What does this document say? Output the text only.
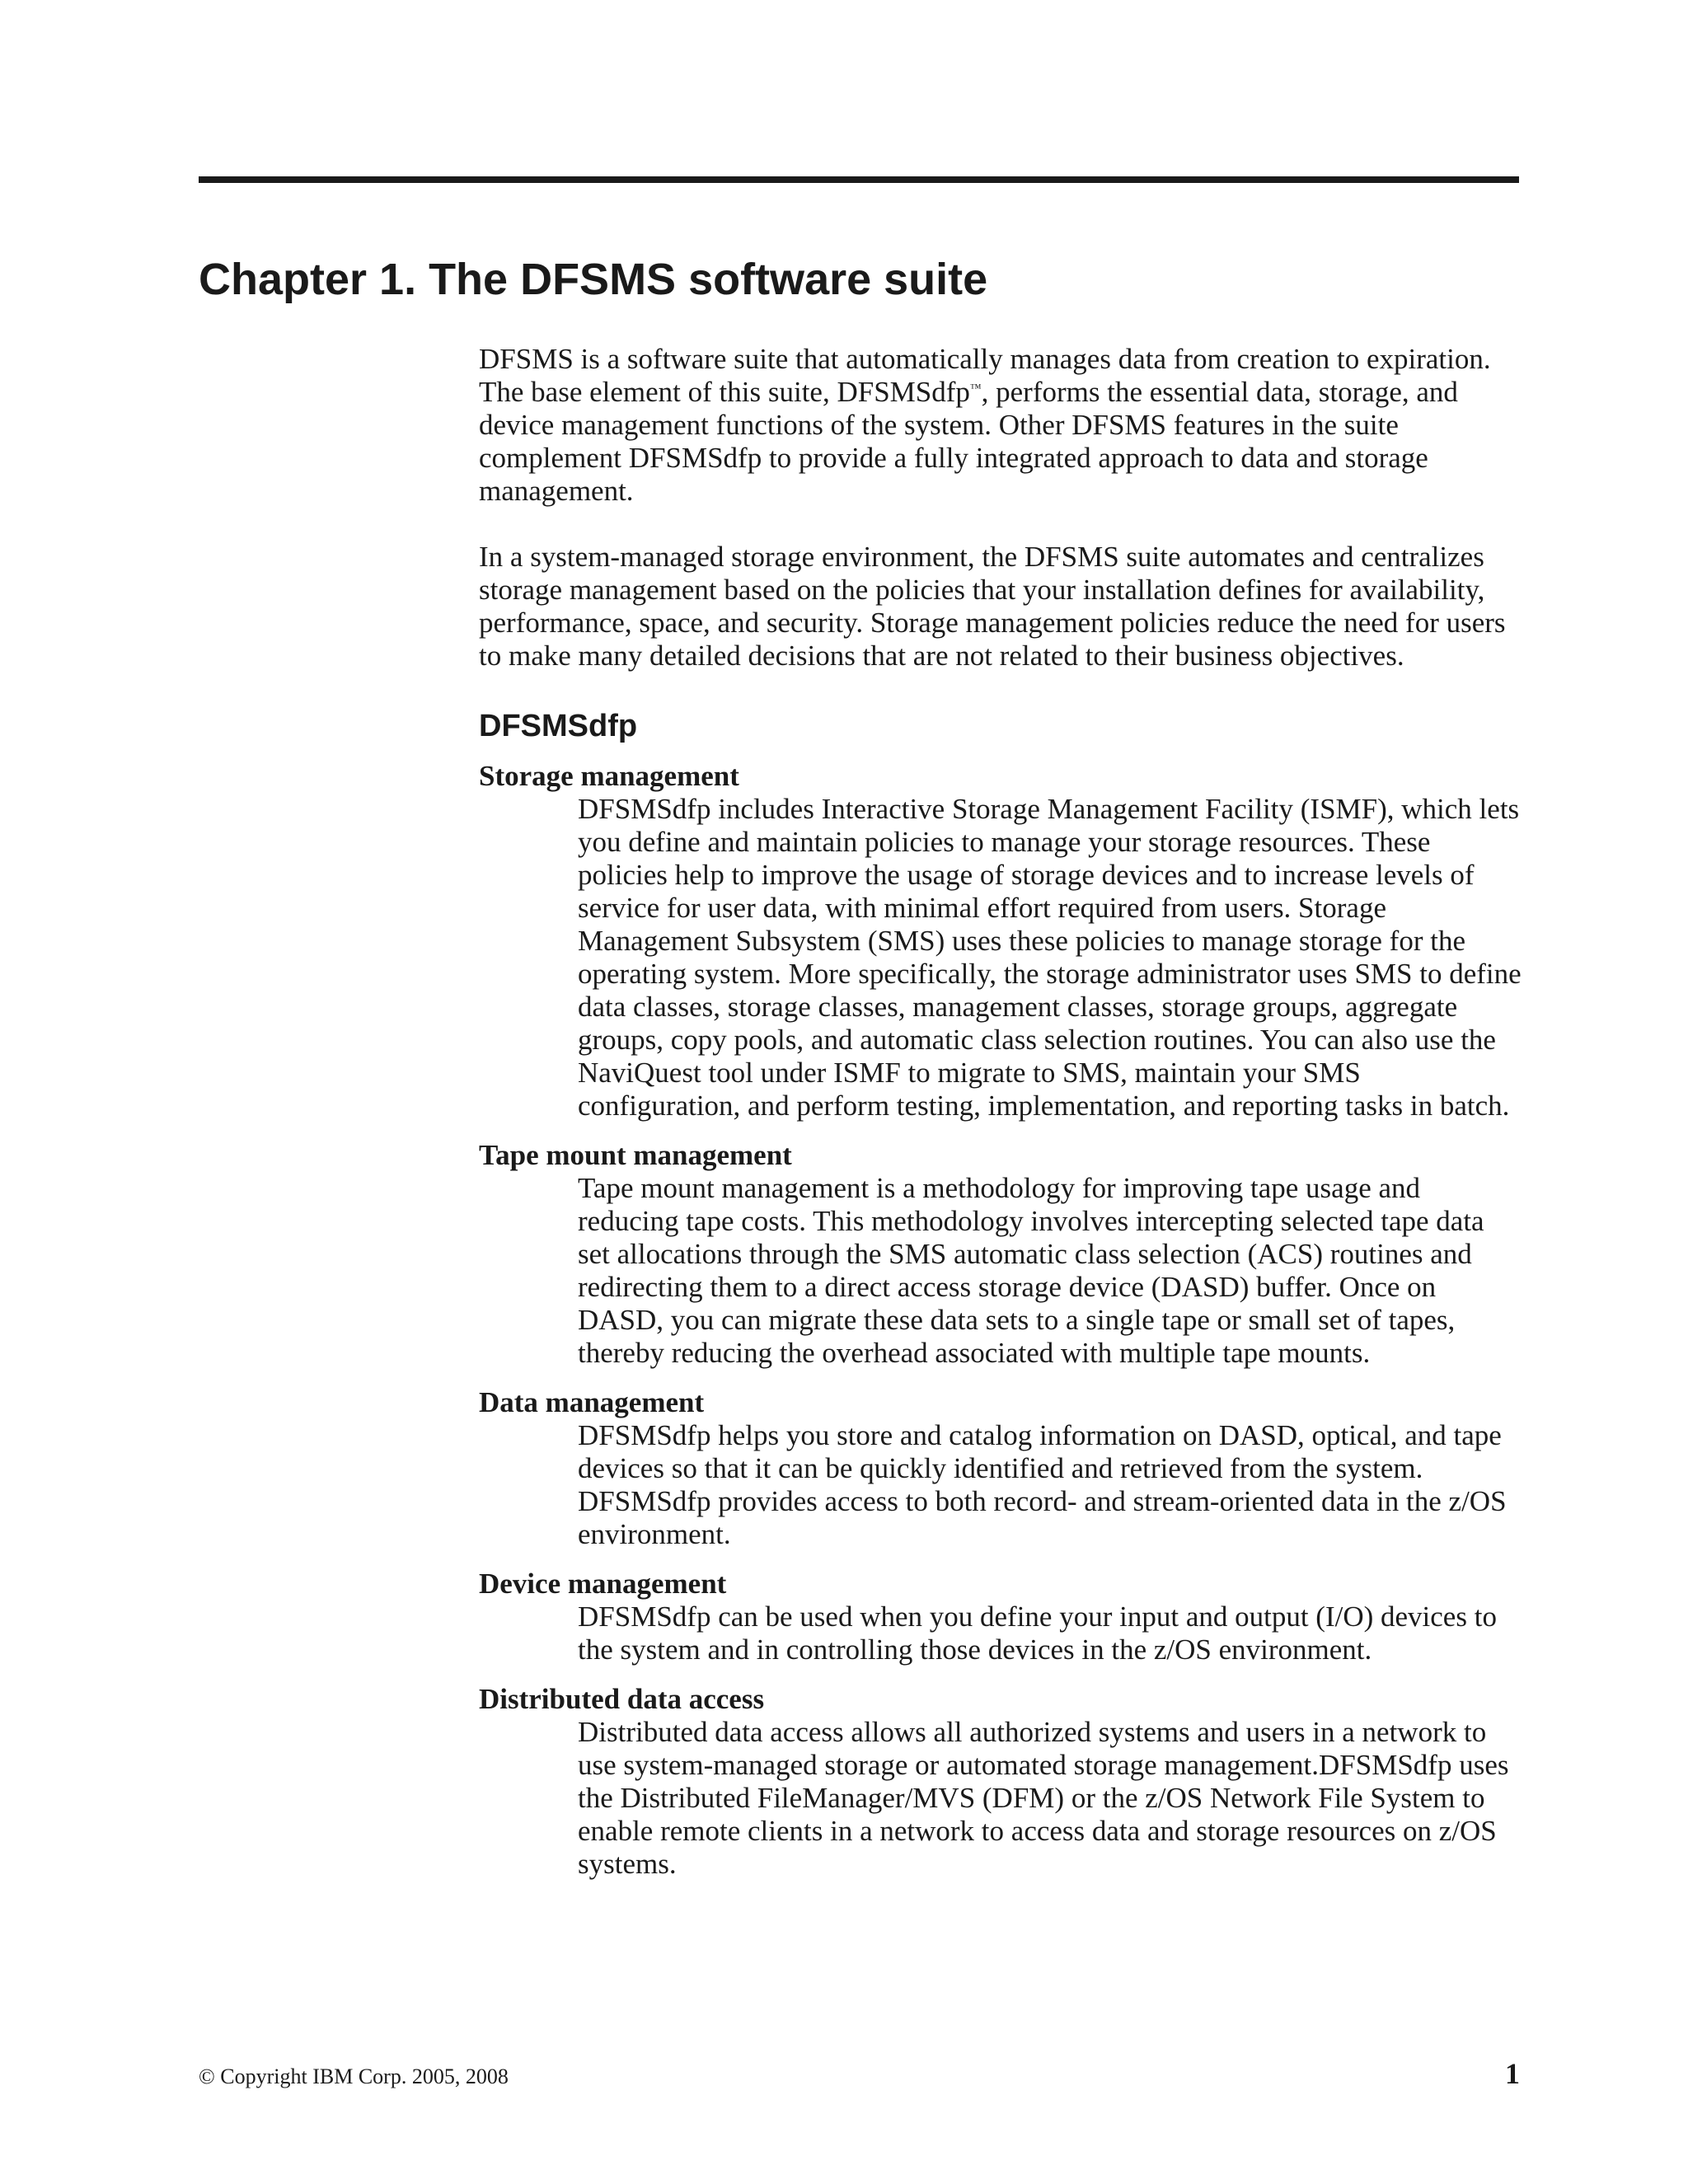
Chapter 1. The DFSMS software suite

DFSMS is a software suite that automatically manages data from creation to expiration. The base element of this suite, DFSMSdfp™, performs the essential data, storage, and device management functions of the system. Other DFSMS features in the suite complement DFSMSdfp to provide a fully integrated approach to data and storage management.

In a system-managed storage environment, the DFSMS suite automates and centralizes storage management based on the policies that your installation defines for availability, performance, space, and security. Storage management policies reduce the need for users to make many detailed decisions that are not related to their business objectives.

DFSMSdfp

Storage management

DFSMSdfp includes Interactive Storage Management Facility (ISMF), which lets you define and maintain policies to manage your storage resources. These policies help to improve the usage of storage devices and to increase levels of service for user data, with minimal effort required from users. Storage Management Subsystem (SMS) uses these policies to manage storage for the operating system. More specifically, the storage administrator uses SMS to define data classes, storage classes, management classes, storage groups, aggregate groups, copy pools, and automatic class selection routines. You can also use the NaviQuest tool under ISMF to migrate to SMS, maintain your SMS configuration, and perform testing, implementation, and reporting tasks in batch.

Tape mount management

Tape mount management is a methodology for improving tape usage and reducing tape costs. This methodology involves intercepting selected tape data set allocations through the SMS automatic class selection (ACS) routines and redirecting them to a direct access storage device (DASD) buffer. Once on DASD, you can migrate these data sets to a single tape or small set of tapes, thereby reducing the overhead associated with multiple tape mounts.

Data management

DFSMSdfp helps you store and catalog information on DASD, optical, and tape devices so that it can be quickly identified and retrieved from the system. DFSMSdfp provides access to both record- and stream-oriented data in the z/OS environment.

Device management

DFSMSdfp can be used when you define your input and output (I/O) devices to the system and in controlling those devices in the z/OS environment.

Distributed data access

Distributed data access allows all authorized systems and users in a network to use system-managed storage or automated storage management.DFSMSdfp uses the Distributed FileManager/MVS (DFM) or the z/OS Network File System to enable remote clients in a network to access data and storage resources on z/OS systems.

© Copyright IBM Corp. 2005, 2008	1
